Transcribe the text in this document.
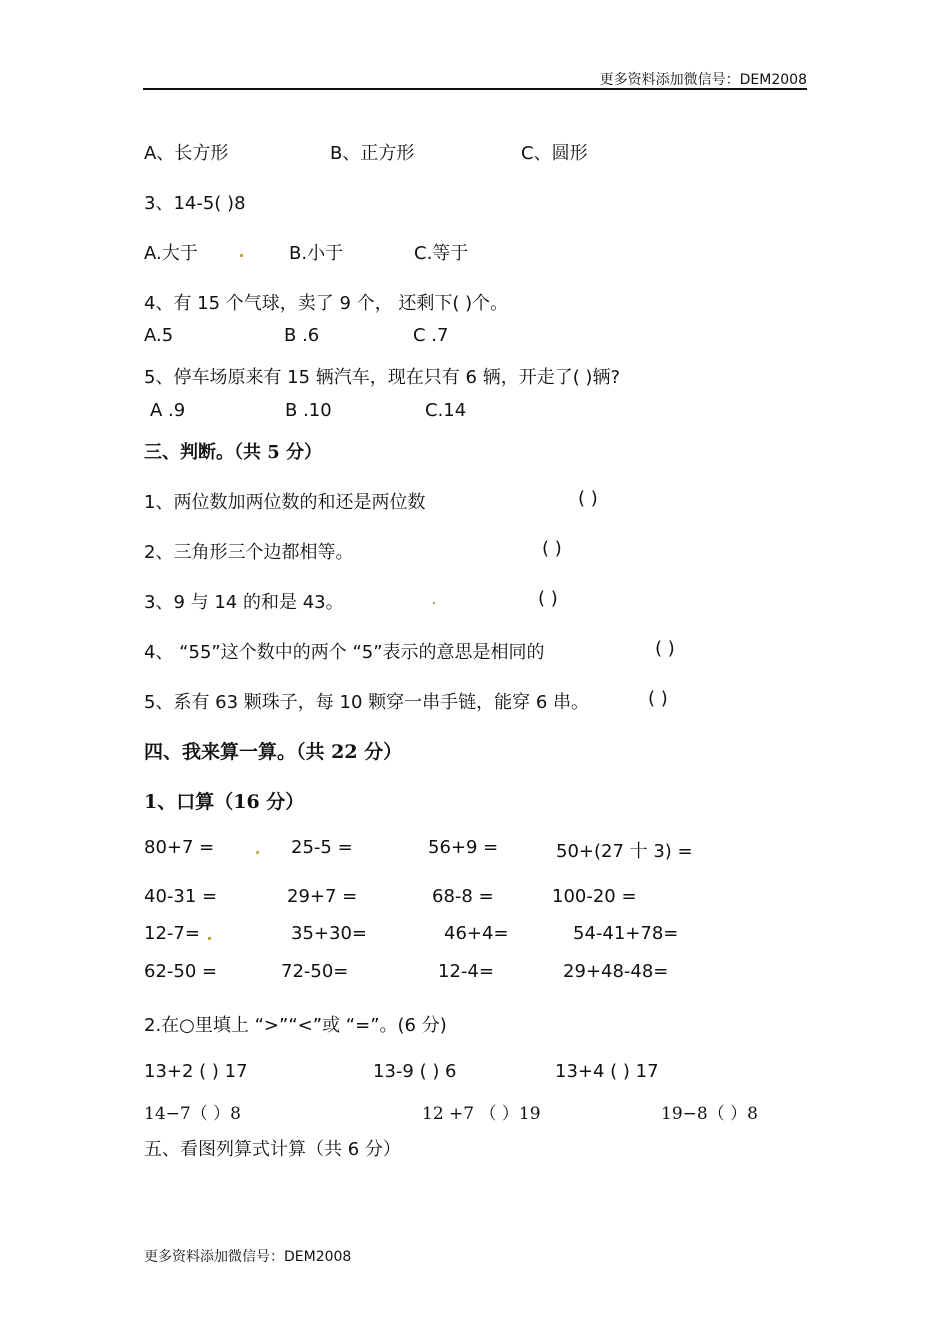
更多资料添加微信号：DEM2008
A、长方形	B、正方形	C、圆形
3、14-5( )8
A.大于	B.小于	C.等于
4、有 15 个气球，卖了 9 个， 还剩下( )个。
A.5	B .6	C .7
5、停车场原来有 15 辆汽车，现在只有 6 辆，开走了( )辆?
A .9	B .10	C.14
三、判断。（共 5 分）
1、两位数加两位数的和还是两位数	( )
2、三角形三个边都相等。	( )
3、9 与 14 的和是 43。	( )
4、 “55”这个数中的两个 “5”表示的意思是相同的	( )
5、系有 63 颗珠子，每 10 颗穿一串手链，能穿 6 串。	( )
四、我来算一算。（共 22 分）
1、口算（16 分）
80+7 =	25-5 =	56+9 =	50+(27 十 3) =
40-31 =	29+7 =	68-8 =	100-20 =
12-7=	35+30=	46+4=	54-41+78=
62-50 =	72-50=	12-4=	29+48-48=
2.在○里填上 “>”“<”或 “=”。(6 分)
13+2 ( ) 17	13-9 ( ) 6	13+4 ( ) 17
14−7（ ）8	12 +7 （ ）19	19−8（ ）8
五、看图列算式计算（共 6 分）
更多资料添加微信号：DEM2008
